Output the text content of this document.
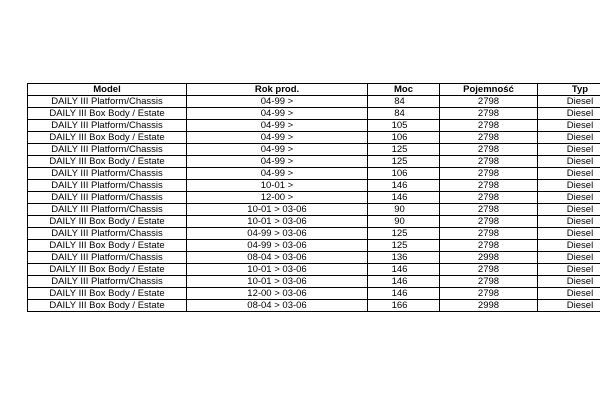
Model	Rok prod.	Moc	Pojemność	Typ
DAILY III Platform/Chassis	04-99 >	84	2798	Diesel
DAILY III Box Body / Estate	04-99 >	84	2798	Diesel
DAILY III Platform/Chassis	04-99 >	105	2798	Diesel
DAILY III Box Body / Estate	04-99 >	106	2798	Diesel
DAILY III Platform/Chassis	04-99 >	125	2798	Diesel
DAILY III Box Body / Estate	04-99 >	125	2798	Diesel
DAILY III Platform/Chassis	04-99 >	106	2798	Diesel
DAILY III Platform/Chassis	10-01 >	146	2798	Diesel
DAILY III Platform/Chassis	12-00 >	146	2798	Diesel
DAILY III Platform/Chassis	10-01 > 03-06	90	2798	Diesel
DAILY III Box Body / Estate	10-01 > 03-06	90	2798	Diesel
DAILY III Platform/Chassis	04-99 > 03-06	125	2798	Diesel
DAILY III Box Body / Estate	04-99 > 03-06	125	2798	Diesel
DAILY III Platform/Chassis	08-04 > 03-06	136	2998	Diesel
DAILY III Box Body / Estate	10-01 > 03-06	146	2798	Diesel
DAILY III Platform/Chassis	10-01 > 03-06	146	2798	Diesel
DAILY III Box Body / Estate	12-00 > 03-06	146	2798	Diesel
DAILY III Box Body / Estate	08-04 > 03-06	166	2998	Diesel
